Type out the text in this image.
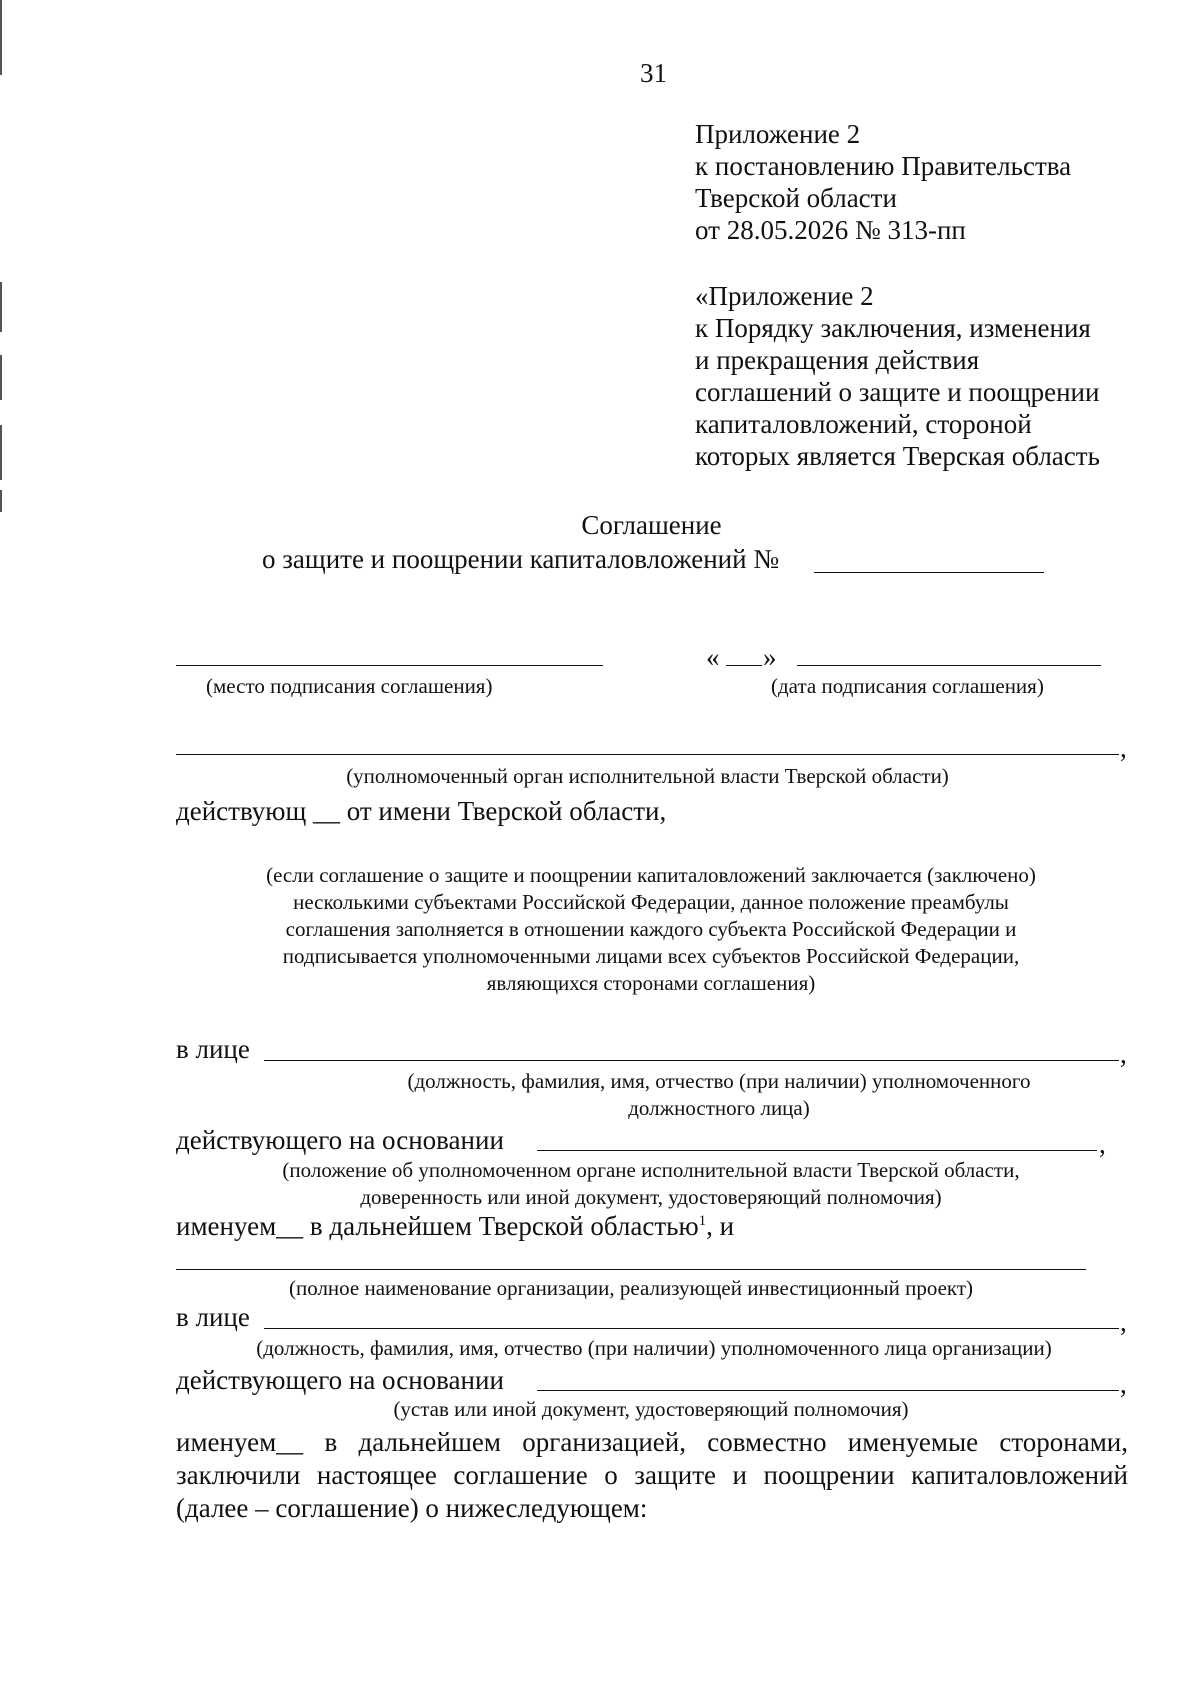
31
Приложение 2
к постановлению Правительства
Тверской области
от 28.05.2026 № 313-пп
«Приложение 2
к Порядку заключения, изменения
и прекращения действия
соглашений о защите и поощрении
капиталовложений, стороной
которых является Тверская область
Соглашение
о защите и поощрении капиталовложений №
« »
(место подписания соглашения)	(дата подписания соглашения)
,
(уполномоченный орган исполнительной власти Тверской области)
действующ __ от имени Тверской области,
(если соглашение о защите и поощрении капиталовложений заключается (заключено)
несколькими субъектами Российской Федерации, данное положение преамбулы
соглашения заполняется в отношении каждого субъекта Российской Федерации и
подписывается уполномоченными лицами всех субъектов Российской Федерации,
являющихся сторонами соглашения)
в лице	,
(должность, фамилия, имя, отчество (при наличии) уполномоченного
должностного лица)
действующего на основании	,
(положение об уполномоченном органе исполнительной власти Тверской области,
доверенность или иной документ, удостоверяющий полномочия)
именуем__ в дальнейшем Тверской областью$^1$, и
(полное наименование организации, реализующей инвестиционный проект)
в лице	,
(должность, фамилия, имя, отчество (при наличии) уполномоченного лица организации)
действующего на основании	,
(устав или иной документ, удостоверяющий полномочия)
именуем__ в дальнейшем организацией, совместно именуемые сторонами,
заключили настоящее соглашение о защите и поощрении капиталовложений
(далее – соглашение) о нижеследующем:
